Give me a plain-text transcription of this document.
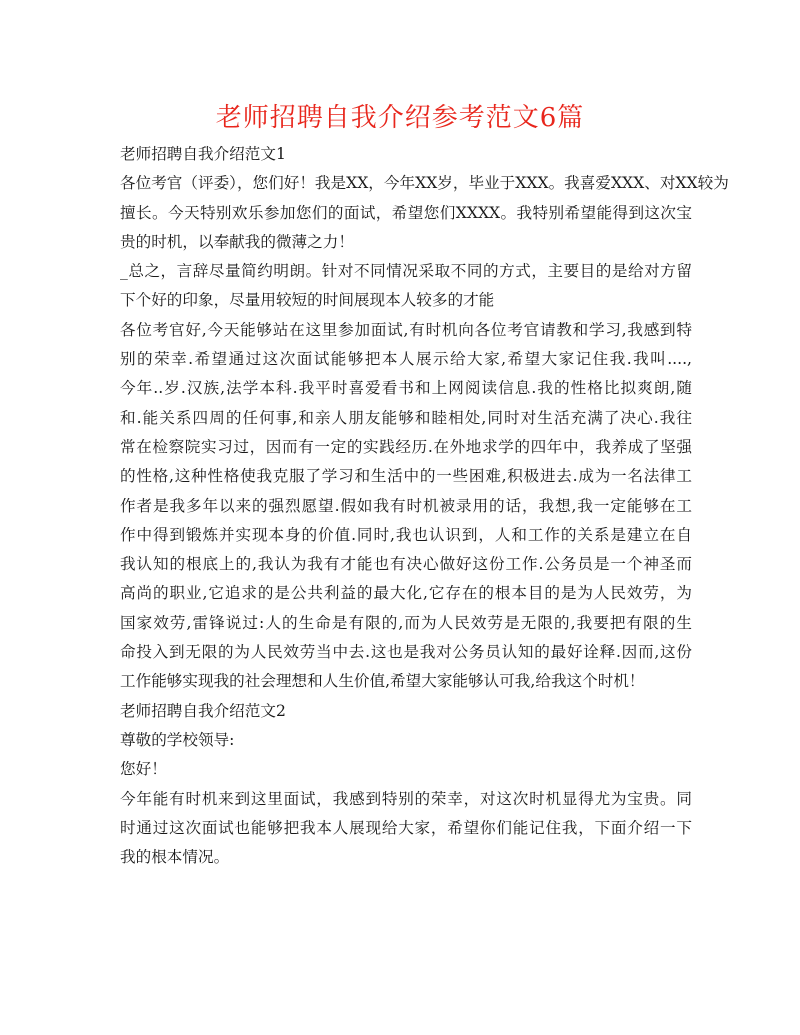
老师招聘自我介绍参考范文6篇
老师招聘自我介绍范文1
各位考官（评委），您们好！我是XX，今年XX岁，毕业于XXX。我喜爱XXX、对XX较为
擅长。今天特别欢乐参加您们的面试，希望您们XXXX。我特别希望能得到这次宝
贵的时机，以奉献我的微薄之力！
_总之，言辞尽量简约明朗。针对不同情况采取不同的方式，主要目的是给对方留
下个好的印象，尽量用较短的时间展现本人较多的才能
各位考官好,今天能够站在这里参加面试,有时机向各位考官请教和学习,我感到特
别的荣幸.希望通过这次面试能够把本人展示给大家,希望大家记住我.我叫....,
今年..岁.汉族,法学本科.我平时喜爱看书和上网阅读信息.我的性格比拟爽朗,随
和.能关系四周的任何事,和亲人朋友能够和睦相处,同时对生活充满了决心.我往
常在检察院实习过，因而有一定的实践经历.在外地求学的四年中，我养成了坚强
的性格,这种性格使我克服了学习和生活中的一些困难,积极进去.成为一名法律工
作者是我多年以来的强烈愿望.假如我有时机被录用的话，我想,我一定能够在工
作中得到锻炼并实现本身的价值.同时,我也认识到，人和工作的关系是建立在自
我认知的根底上的,我认为我有才能也有决心做好这份工作.公务员是一个神圣而
高尚的职业,它追求的是公共利益的最大化,它存在的根本目的是为人民效劳，为
国家效劳,雷锋说过:人的生命是有限的,而为人民效劳是无限的,我要把有限的生
命投入到无限的为人民效劳当中去.这也是我对公务员认知的最好诠释.因而,这份
工作能够实现我的社会理想和人生价值,希望大家能够认可我,给我这个时机！
老师招聘自我介绍范文2
尊敬的学校领导:
您好！
今年能有时机来到这里面试，我感到特别的荣幸，对这次时机显得尤为宝贵。同
时通过这次面试也能够把我本人展现给大家，希望你们能记住我，下面介绍一下
我的根本情况。
